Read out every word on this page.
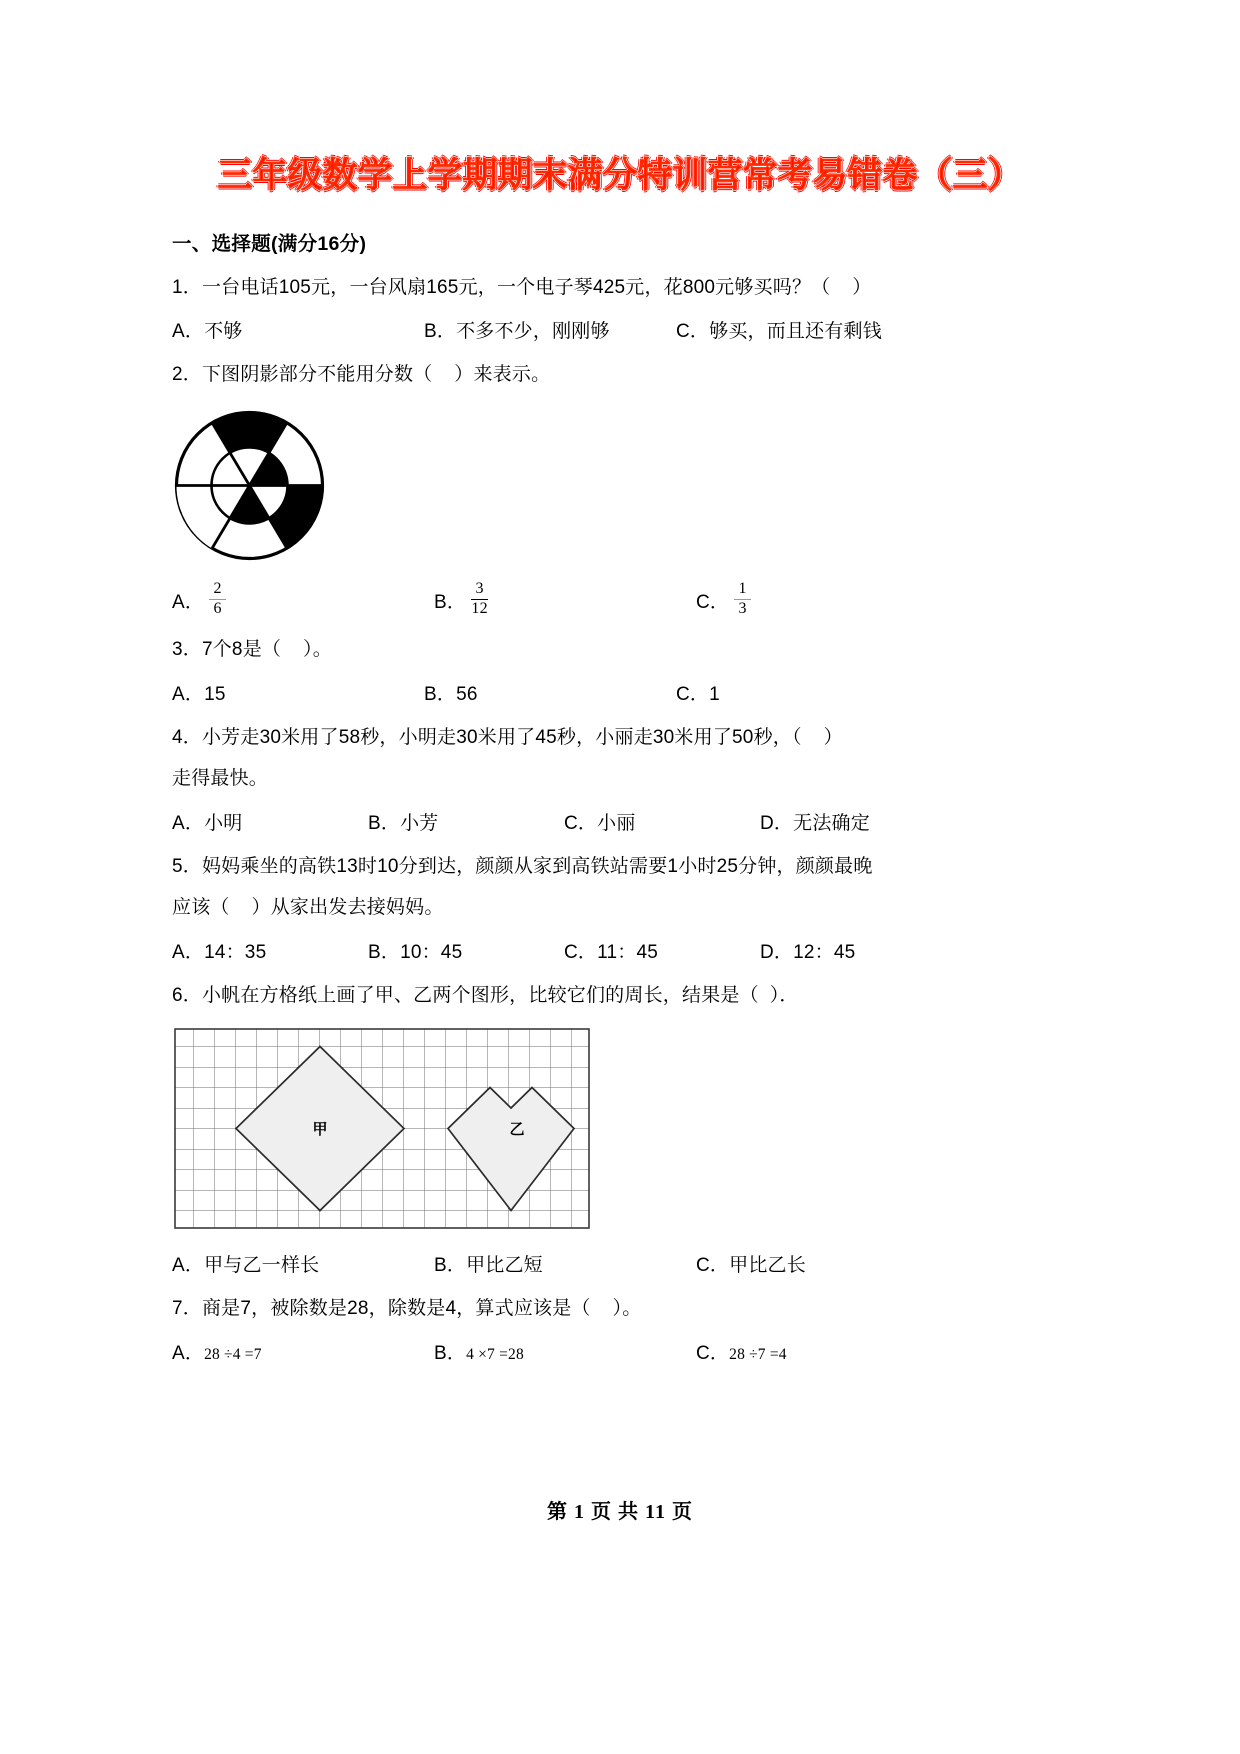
三年级数学上学期期末满分特训营常考易错卷（三）
一、选择题(满分16分)
1．一台电话105元，一台风扇165元，一个电子琴425元，花800元够买吗？（    ）
A．不够	B．不多不少，刚刚够	C．够买，而且还有剩钱
2．下图阴影部分不能用分数（    ）来表示。
A． $\frac{2}{6}$	B． $\frac{3}{12}$	C． $\frac{1}{3}$
3．7个8是（    ）。
A．15	B．56	C．1
4．小芳走30米用了58秒，小明走30米用了45秒，小丽走30米用了50秒，（    ）
走得最快。
A．小明	B．小芳	C．小丽	D．无法确定
5．妈妈乘坐的高铁13时10分到达，颜颜从家到高铁站需要1小时25分钟，颜颜最晚
应该（    ）从家出发去接妈妈。
A．14：35	B．10：45	C．11：45	D．12：45
6．小帆在方格纸上画了甲、乙两个图形，比较它们的周长，结果是（  ）．
甲	乙
A．甲与乙一样长	B．甲比乙短	C．甲比乙长
7．商是7，被除数是28，除数是4，算式应该是（    ）。
A．28 ÷4 =7	B．4 ×7 =28	C．28 ÷7 =4
第 1 页 共 11 页
